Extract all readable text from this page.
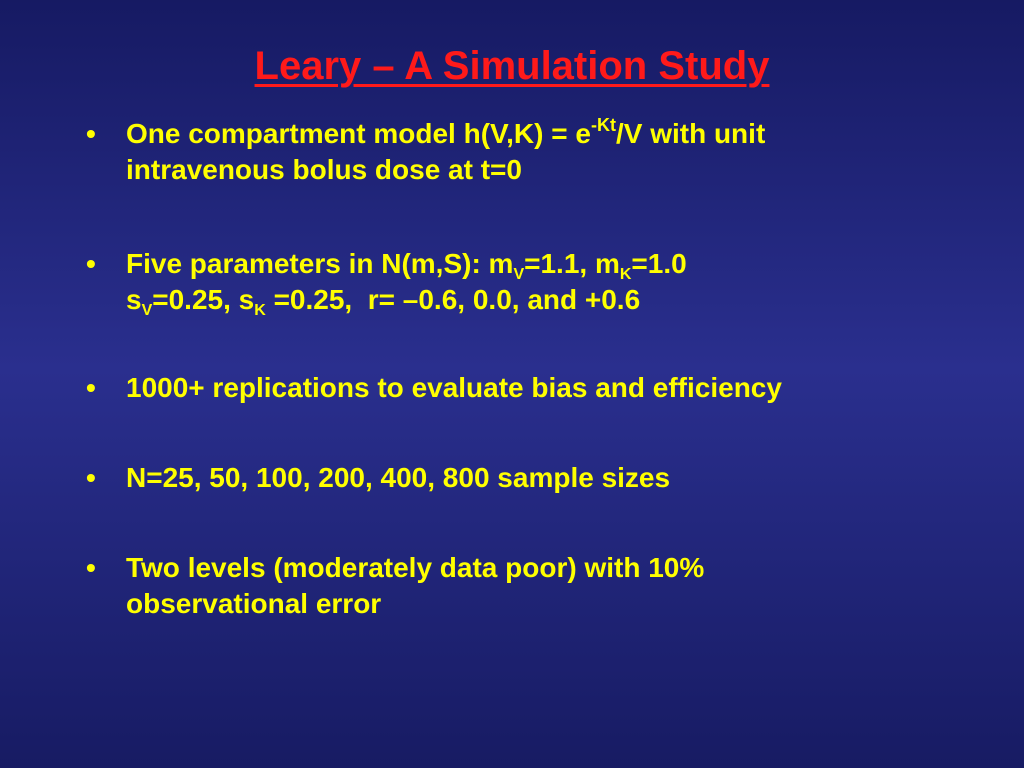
Leary – A Simulation Study
•	One compartment model $h(V,K) = e^{-Kt}/V$ with unit
intravenous bolus dose at t=0
•	Five parameters in N(m,S): $m_V=1.1$, $m_K=1.0$
$s_V=0.25$, $s_K =0.25$,  r= –0.6, 0.0, and +0.6
•	1000+ replications to evaluate bias and efficiency
•	N=25, 50, 100, 200, 400, 800 sample sizes
•	Two levels (moderately data poor) with 10%
observational error
